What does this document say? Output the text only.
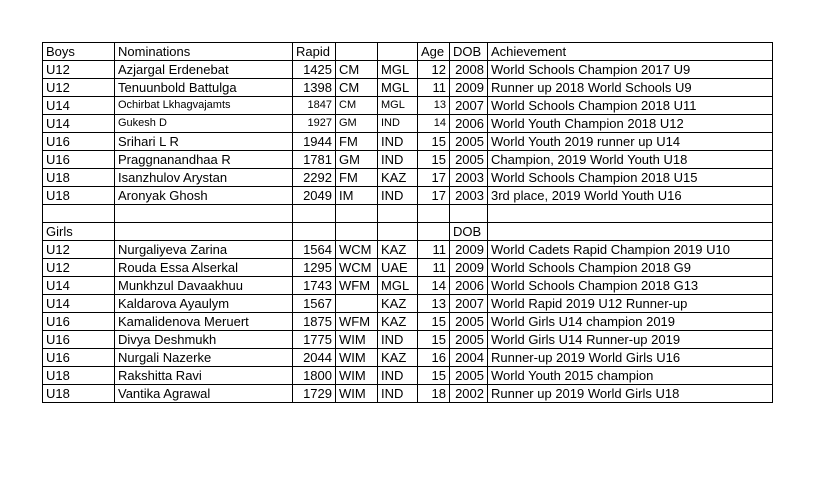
Boys	Nominations	Rapid			Age	DOB	Achievement
U12	Azjargal Erdenebat	1425	CM	MGL	12	2008	World Schools Champion 2017 U9
U12	Tenuunbold Battulga	1398	CM	MGL	11	2009	Runner up 2018 World Schools U9
U14	Ochirbat Lkhagvajamts	1847	CM	MGL	13	2007	World Schools Champion 2018 U11
U14	Gukesh D	1927	GM	IND	14	2006	World Youth Champion 2018 U12
U16	Srihari L R	1944	FM	IND	15	2005	World Youth 2019 runner up U14
U16	Praggnanandhaa R	1781	GM	IND	15	2005	Champion, 2019 World Youth U18
U18	Isanzhulov Arystan	2292	FM	KAZ	17	2003	World Schools Champion 2018 U15
U18	Aronyak Ghosh	2049	IM	IND	17	2003	3rd place, 2019 World Youth U16

Girls						DOB	
U12	Nurgaliyeva Zarina	1564	WCM	KAZ	11	2009	World Cadets Rapid Champion 2019 U10
U12	Rouda Essa Alserkal	1295	WCM	UAE	11	2009	World Schools Champion 2018 G9
U14	Munkhzul Davaakhuu	1743	WFM	MGL	14	2006	World Schools Champion 2018 G13
U14	Kaldarova Ayaulym	1567		KAZ	13	2007	World Rapid 2019 U12 Runner-up
U16	Kamalidenova Meruert	1875	WFM	KAZ	15	2005	World Girls U14 champion 2019
U16	Divya Deshmukh	1775	WIM	IND	15	2005	World Girls U14 Runner-up 2019
U16	Nurgali Nazerke	2044	WIM	KAZ	16	2004	Runner-up 2019 World Girls U16
U18	Rakshitta Ravi	1800	WIM	IND	15	2005	World Youth 2015 champion
U18	Vantika Agrawal	1729	WIM	IND	18	2002	Runner up 2019 World Girls U18
